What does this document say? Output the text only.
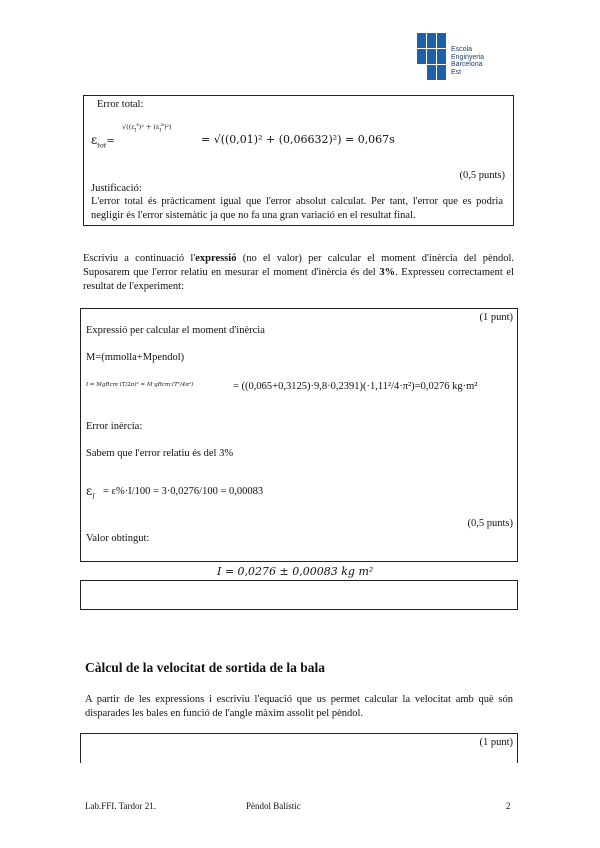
Escola
Enginyeria
Barcelona
Est
Error total:
$\varepsilon_{tot}=$
$√((\varepsilon_I^s)^2 + (\varepsilon_I^a)^2)$
= √((0,01)² + (0,06632)²) = 0,067s
(0,5 punts)
Justificació:
L'error total és pràcticament igual que l'error absolut calculat. Per tant, l'error que es podria negligir és l'error sistemàtic ja que no fa una gran variació en el resultat final.
Escriviu a continuació l'expressió (no el valor) per calcular el moment d'inèrcia del pèndol. Suposarem que l'error relatiu en mesurar el moment d'inèrcia és del 3%. Expresseu correctament el resultat de l'experiment:
(1 punt)
Expressió per calcular el moment d'inèrcia
M=(mmolla+Mpendol)
I = MgRcm·(T/2π)² = M·gRcm·(T²/4π²)	= ((0,065+0,3125)·9,8·0,2391)(·1,11²/4·π²)=0,0276 kg·m²
Error inèrcia:
Sabem que l'error relatiu és del 3%
$\varepsilon_I = \varepsilon\%\cdot I/100 = 3\cdot 0,0276/100 = 0,00083$
(0,5 punts)
Valor obtingut:
I = 0,0276 ± 0,00083 kg m²
Càlcul de la velocitat de sortida de la bala
A partir de les expressions i escriviu l'equació que us permet calcular la velocitat amb què són disparades les bales en funció de l'angle màxim assolit pel pèndol.
(1 punt)
Lab.FFI. Tardor 21.	Pèndol Balístic	2
